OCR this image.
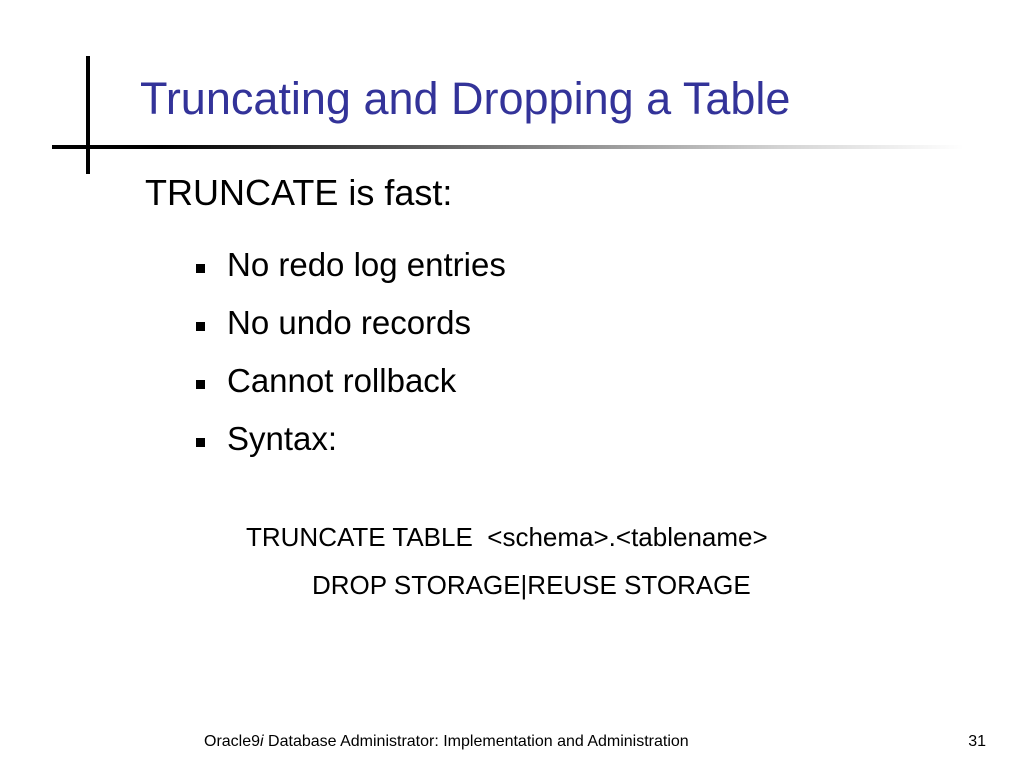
Truncating and Dropping a Table

TRUNCATE is fast:

No redo log entries
No undo records
Cannot rollback
Syntax:
TRUNCATE TABLE  <schema>.<tablename>
DROP STORAGE|REUSE STORAGE
Oracle9i Database Administrator: Implementation and Administration	31
